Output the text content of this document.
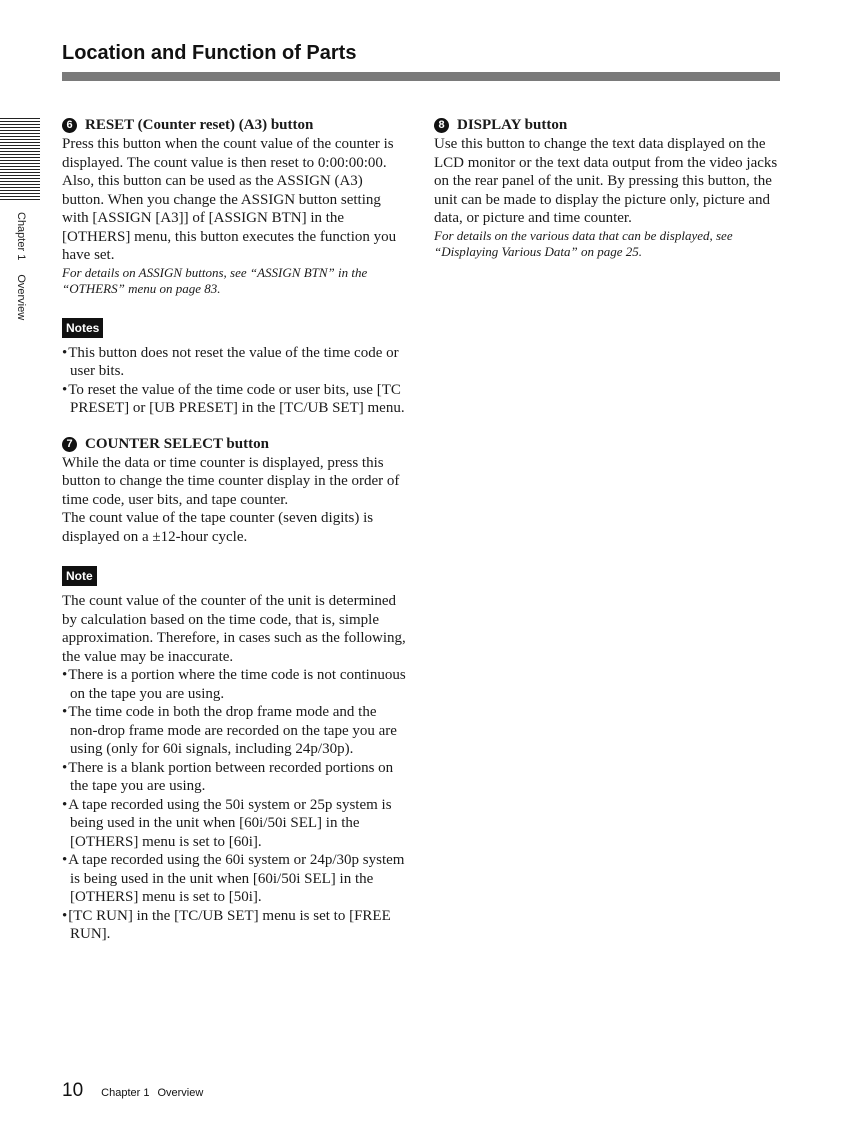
Location and Function of Parts
Chapter 1Overview
6 RESET (Counter reset) (A3) button

Press this button when the count value of the counter is displayed. The count value is then reset to 0:00:00:00. Also, this button can be used as the ASSIGN (A3) button. When you change the ASSIGN button setting with [ASSIGN [A3]] of [ASSIGN BTN] in the [OTHERS] menu, this button executes the function you have set.

For details on ASSIGN buttons, see “ASSIGN BTN” in the “OTHERS” menu on page 83.

Notes
• This button does not reset the value of the time code or user bits.
• To reset the value of the time code or user bits, use [TC PRESET] or [UB PRESET] in the [TC/UB SET] menu.
7 COUNTER SELECT button

While the data or time counter is displayed, press this button to change the time counter display in the order of time code, user bits, and tape counter.

The count value of the tape counter (seven digits) is displayed on a ±12-hour cycle.

Note

The count value of the counter of the unit is determined by calculation based on the time code, that is, simple approximation. Therefore, in cases such as the following, the value may be inaccurate.

• There is a portion where the time code is not continuous on the tape you are using.
• The time code in both the drop frame mode and the non-drop frame mode are recorded on the tape you are using (only for 60i signals, including 24p/30p).
• There is a blank portion between recorded portions on the tape you are using.
• A tape recorded using the 50i system or 25p system is being used in the unit when [60i/50i SEL] in the [OTHERS] menu is set to [60i].
• A tape recorded using the 60i system or 24p/30p system is being used in the unit when [60i/50i SEL] in the [OTHERS] menu is set to [50i].
• [TC RUN] in the [TC/UB SET] menu is set to [FREE RUN].
8 DISPLAY button

Use this button to change the text data displayed on the LCD monitor or the text data output from the video jacks on the rear panel of the unit. By pressing this button, the unit can be made to display the picture only, picture and data, or picture and time counter.

For details on the various data that can be displayed, see “Displaying Various Data” on page 25.

10 Chapter 1 Overview
